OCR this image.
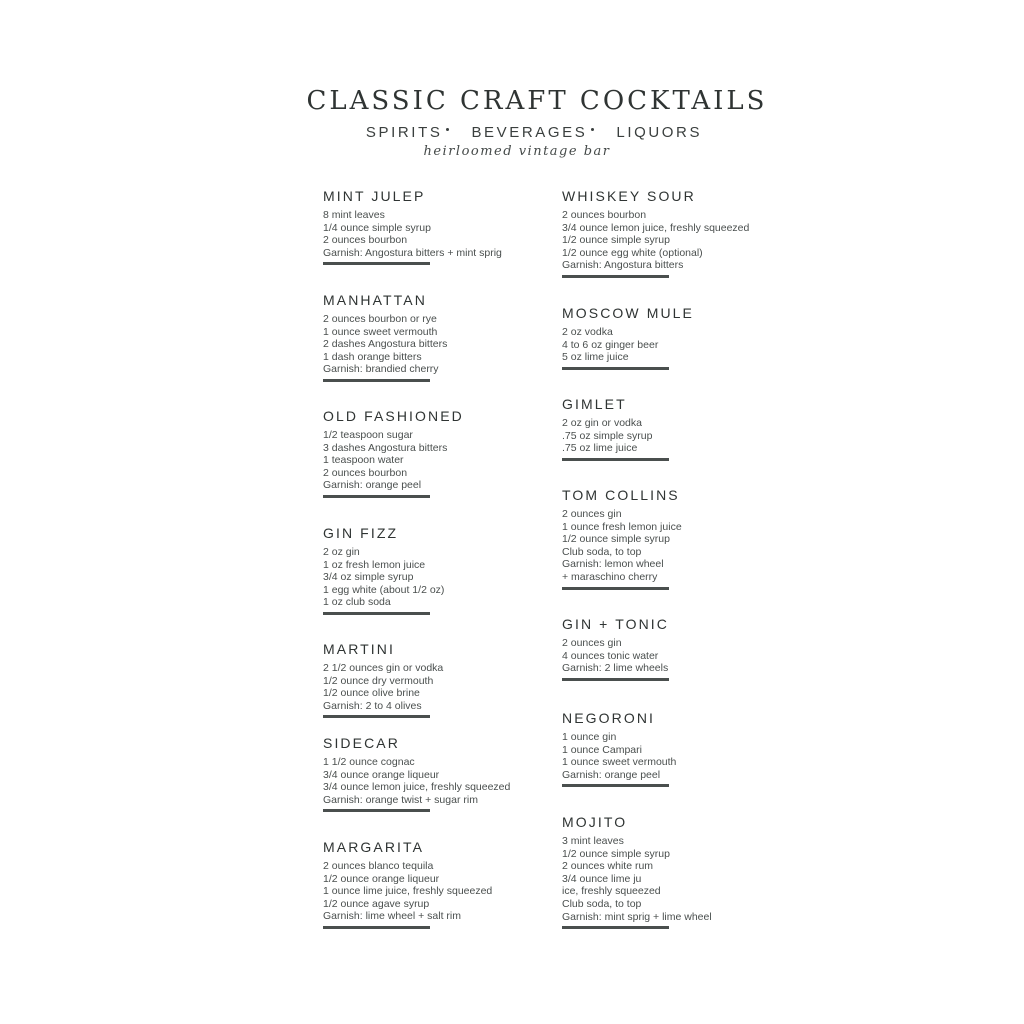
CLASSIC CRAFT COCKTAILS
SPIRITS BEVERAGES LIQUORS
heirloomed vintage bar
MINT JULEP
8 mint leaves
1/4 ounce simple syrup
2 ounces bourbon
Garnish: Angostura bitters + mint sprig
MANHATTAN
2 ounces bourbon or rye
1 ounce sweet vermouth
2 dashes Angostura bitters
1 dash orange bitters
Garnish: brandied cherry
OLD FASHIONED
1/2 teaspoon sugar
3 dashes Angostura bitters
1 teaspoon water
2 ounces bourbon
Garnish: orange peel
GIN FIZZ
2 oz gin
1 oz fresh lemon juice
3/4 oz simple syrup
1 egg white (about 1/2 oz)
1 oz club soda
MARTINI
2 1/2 ounces gin or vodka
1/2 ounce dry vermouth
1/2 ounce olive brine
Garnish: 2 to 4 olives
SIDECAR
1 1/2 ounce cognac
3/4 ounce orange liqueur
3/4 ounce lemon juice, freshly squeezed
Garnish: orange twist + sugar rim
MARGARITA
2 ounces blanco tequila
1/2 ounce orange liqueur
1 ounce lime juice, freshly squeezed
1/2 ounce agave syrup
Garnish: lime wheel + salt rim
WHISKEY SOUR
2 ounces bourbon
3/4 ounce lemon juice, freshly squeezed
1/2 ounce simple syrup
1/2 ounce egg white (optional)
Garnish: Angostura bitters
MOSCOW MULE
2 oz vodka
4 to 6 oz ginger beer
5 oz lime juice
GIMLET
2 oz gin or vodka
.75 oz simple syrup
.75 oz lime juice
TOM COLLINS
2 ounces gin
1 ounce fresh lemon juice
1/2 ounce simple syrup
Club soda, to top
Garnish: lemon wheel
+ maraschino cherry
GIN + TONIC
2 ounces gin
4 ounces tonic water
Garnish: 2 lime wheels
NEGORONI
1 ounce gin
1 ounce Campari
1 ounce sweet vermouth
Garnish: orange peel
MOJITO
3 mint leaves
1/2 ounce simple syrup
2 ounces white rum
3/4 ounce lime ju
ice, freshly squeezed
Club soda, to top
Garnish: mint sprig + lime wheel
